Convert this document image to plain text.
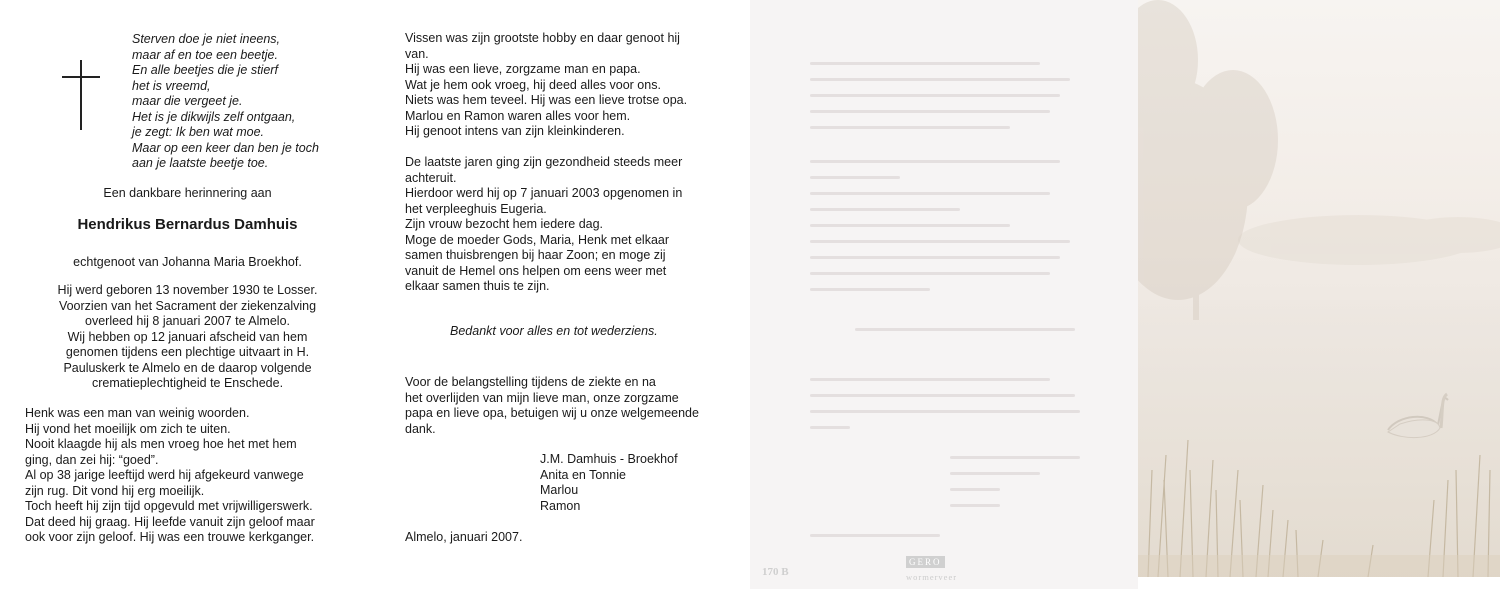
Sterven doe je niet ineens,
maar af en toe een beetje.
En alle beetjes die je stierf
het is vreemd,
maar die vergeet je.
Het is je dikwijls zelf ontgaan,
je zegt: Ik ben wat moe.
Maar op een keer dan ben je toch
aan je laatste beetje toe.
Een dankbare herinnering aan
Hendrikus Bernardus Damhuis
echtgenoot van Johanna Maria Broekhof.
Hij werd geboren 13 november 1930 te Losser.
Voorzien van het Sacrament der ziekenzalving
overleed hij 8 januari 2007 te Almelo.
Wij hebben op 12 januari afscheid van hem
genomen tijdens een plechtige uitvaart in H.
Pauluskerk te Almelo en de daarop volgende
crematieplechtigheid te Enschede.
Henk was een man van weinig woorden.
Hij vond het moeilijk om zich te uiten.
Nooit klaagde hij als men vroeg hoe het met hem
ging, dan zei hij: “goed”.
Al op 38 jarige leeftijd werd hij afgekeurd vanwege
zijn rug. Dit vond hij erg moeilijk.
Toch heeft hij zijn tijd opgevuld met vrijwilligerswerk.
Dat deed hij graag. Hij leefde vanuit zijn geloof maar
ook voor zijn geloof. Hij was een trouwe kerkganger.
Vissen was zijn grootste hobby en daar genoot hij
van.
Hij was een lieve, zorgzame man en papa.
Wat je hem ook vroeg, hij deed alles voor ons.
Niets was hem teveel. Hij was een lieve trotse opa.
Marlou en Ramon waren alles voor hem.
Hij genoot intens van zijn kleinkinderen.
De laatste jaren ging zijn gezondheid steeds meer
achteruit.
Hierdoor werd hij op 7 januari 2003 opgenomen in
het verpleeghuis Eugeria.
Zijn vrouw bezocht hem iedere dag.
Moge de moeder Gods, Maria, Henk met elkaar
samen thuisbrengen bij haar Zoon; en moge zij
vanuit de Hemel ons helpen om eens weer met
elkaar samen thuis te zijn.
Bedankt voor alles en tot wederziens.
Voor de belangstelling tijdens de ziekte en na
het overlijden van mijn lieve man, onze zorgzame
papa en lieve opa, betuigen wij u onze welgemeende
dank.
J.M. Damhuis - Broekhof
Anita en Tonnie
Marlou
Ramon
Almelo, januari 2007.
170 B
GERO
wormerveer
